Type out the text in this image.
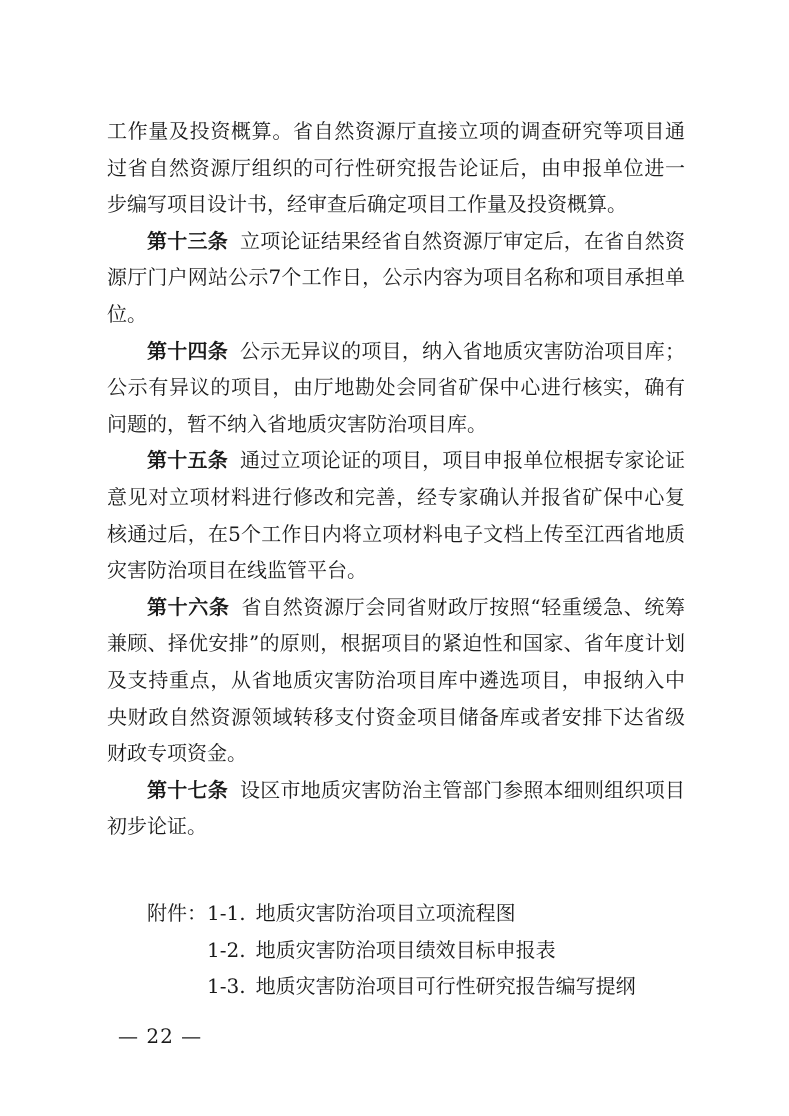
工作量及投资概算。省自然资源厅直接立项的调查研究等项目通过省自然资源厅组织的可行性研究报告论证后，由申报单位进一步编写项目设计书，经审查后确定项目工作量及投资概算。

第十三条 立项论证结果经省自然资源厅审定后，在省自然资源厅门户网站公示7个工作日，公示内容为项目名称和项目承担单位。

第十四条 公示无异议的项目，纳入省地质灾害防治项目库；公示有异议的项目，由厅地勘处会同省矿保中心进行核实，确有问题的，暂不纳入省地质灾害防治项目库。

第十五条 通过立项论证的项目，项目申报单位根据专家论证意见对立项材料进行修改和完善，经专家确认并报省矿保中心复核通过后，在5个工作日内将立项材料电子文档上传至江西省地质灾害防治项目在线监管平台。

第十六条 省自然资源厅会同省财政厅按照“轻重缓急、统筹兼顾、择优安排”的原则，根据项目的紧迫性和国家、省年度计划及支持重点，从省地质灾害防治项目库中遴选项目，申报纳入中央财政自然资源领域转移支付资金项目储备库或者安排下达省级财政专项资金。

第十七条 设区市地质灾害防治主管部门参照本细则组织项目初步论证。

附件：1-1. 地质灾害防治项目立项流程图
1-2. 地质灾害防治项目绩效目标申报表
1-3. 地质灾害防治项目可行性研究报告编写提纲
— 22 —
